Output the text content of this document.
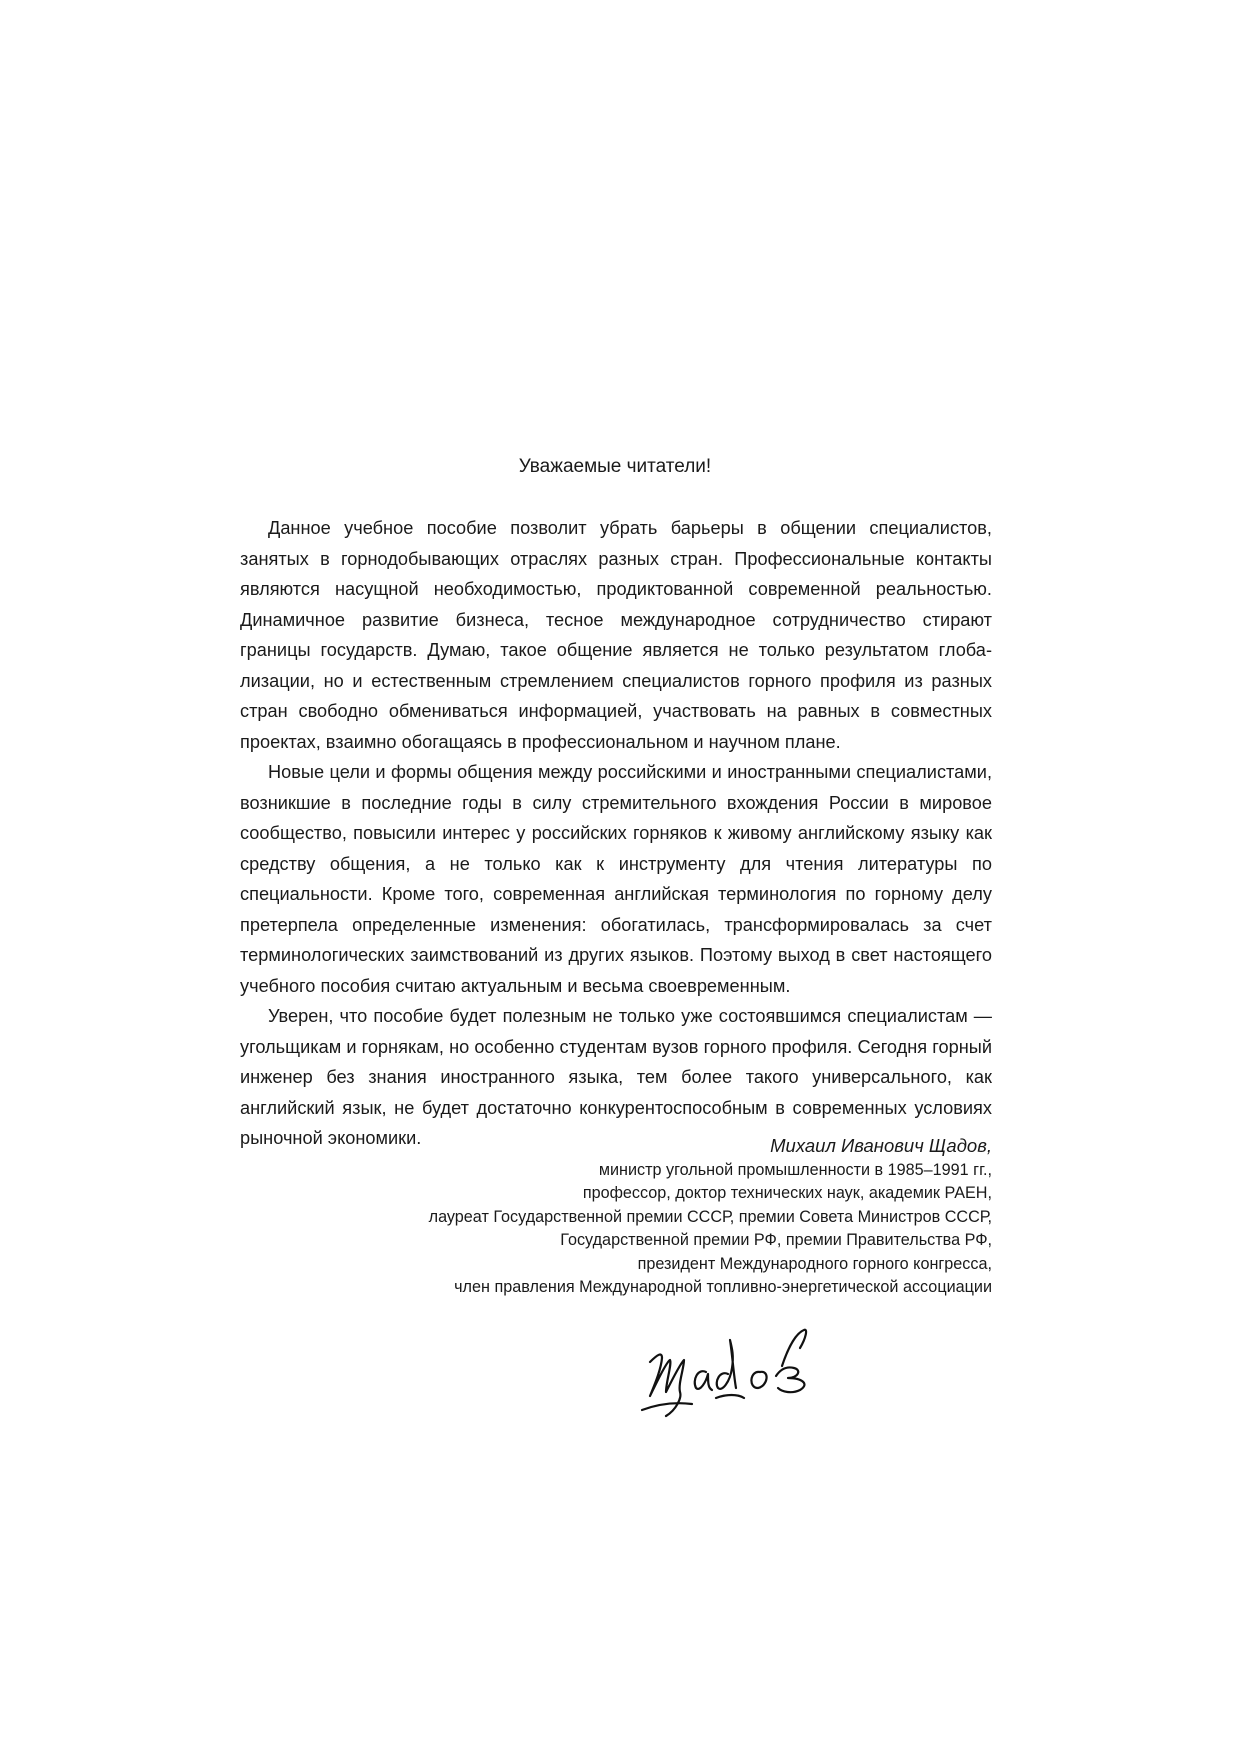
Уважаемые читатели!

Данное учебное пособие позволит убрать барьеры в общении специалистов, занятых в горнодобывающих отраслях разных стран. Профессиональные контакты являются насущной необходимостью, продиктованной современной реальностью. Динамичное развитие бизнеса, тесное международное сотрудничество стирают границы государств. Думаю, такое общение является не только результатом глобализации, но и естественным стремлением специалистов горного профиля из разных стран свободно обмениваться информацией, участвовать на равных в совместных проектах, взаимно обогащаясь в профессиональном и научном плане.

Новые цели и формы общения между российскими и иностранными специалистами, возникшие в последние годы в силу стремительного вхождения России в мировое сообщество, повысили интерес у российских горняков к живому английскому языку как средству общения, а не только как к инструменту для чтения литературы по специальности. Кроме того, современная английская терминология по горному делу претерпела определенные изменения: обогатилась, трансформировалась за счет терминологических заимствований из других языков. Поэтому выход в свет настоящего учебного пособия считаю актуальным и весьма своевременным.

Уверен, что пособие будет полезным не только уже состоявшимся специалистам — угольщикам и горнякам, но особенно студентам вузов горного профиля. Сегодня горный инженер без знания иностранного языка, тем более такого универсального, как английский язык, не будет достаточно конкурентоспособным в современных условиях рыночной экономики.	Михаил Иванович Щадов,

министр угольной промышленности в 1985–1991 гг.,
профессор, доктор технических наук, академик РАЕН,
лауреат Государственной премии СССР, премии Совета Министров СССР,
Государственной премии РФ, премии Правительства РФ,
президент Международного горного конгресса,
член правления Международной топливно-энергетической ассоциации
